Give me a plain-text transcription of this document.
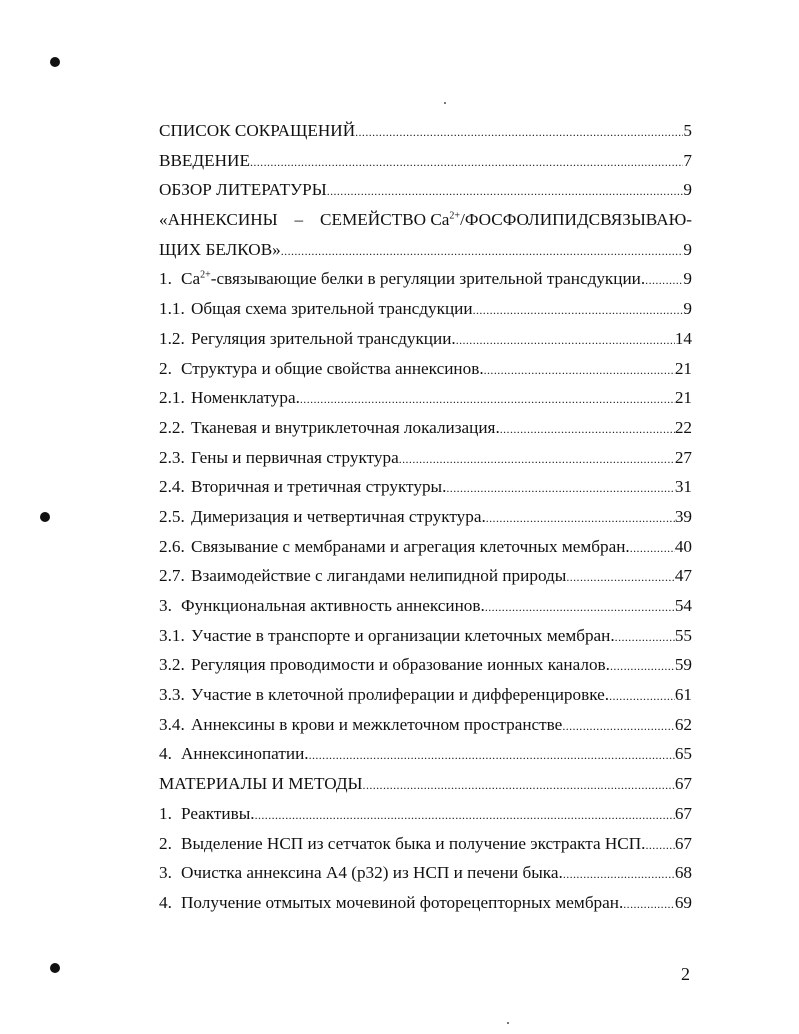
СПИСОК СОКРАЩЕНИЙ .....	5
ВВЕДЕНИЕ .....	7
ОБЗОР ЛИТЕРАТУРЫ .....	9
«АННЕКСИНЫ – СЕМЕЙСТВО $Ca^{2+}/ФОСФОЛИПИДСВЯЗЫВАЮ-$
ЩИХ БЕЛКОВ» .....	9
1. $Ca^{2+}$-связывающие белки в регуляции зрительной трансдукции. ..... 9
1.1. Общая схема зрительной трансдукции .....	9
1.2. Регуляция зрительной трансдукции. .....	14
2. Структура и общие свойства аннексинов. .....	21
2.1. Номенклатура. .....	21
2.2. Тканевая и внутриклеточная локализация. .....	22
2.3. Гены и первичная структура .....	27
2.4. Вторичная и третичная структуры. .....	31
2.5. Димеризация и четвертичная структура. .....	39
2.6. Связывание с мембранами и агрегация клеточных мембран. .....	40
2.7. Взаимодействие с лигандами нелипидной природы .....	47
3. Функциональная активность аннексинов. .....	54
3.1. Участие в транспорте и организации клеточных мембран. .....	55
3.2. Регуляция проводимости и образование ионных каналов. .....	59
3.3. Участие в клеточной пролиферации и дифференцировке. .....	61
3.4. Аннексины в крови и межклеточном пространстве .....	62
4. Аннексинопатии. .....	65
МАТЕРИАЛЫ И МЕТОДЫ .....	67
1. Реактивы. .....	67
2. Выделение НСП из сетчаток быка и получение экстракта НСП. ..... 67
3. Очистка аннексина А4 (р32) из НСП и печени быка. .....	68
4. Получение отмытых мочевиной фоторецепторных мембран. .....	69
2
